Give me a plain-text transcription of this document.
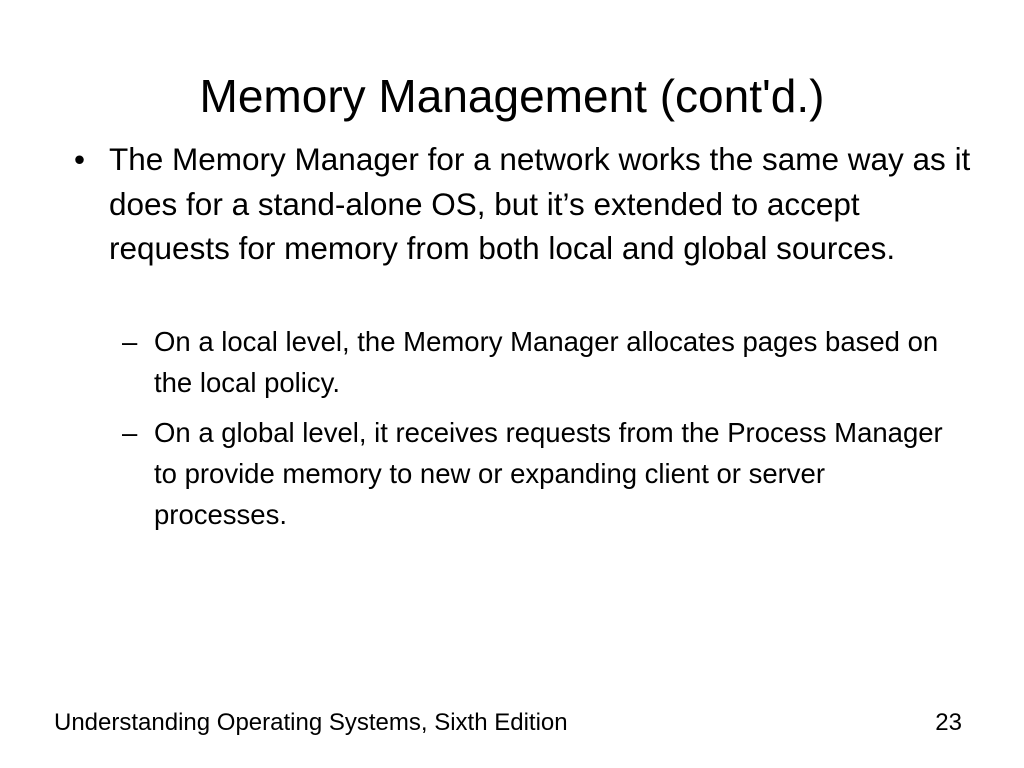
Memory Management (cont'd.)
• The Memory Manager for a network works the same way as it does for a stand-alone OS, but it’s extended to accept requests for memory from both local and global sources.
– On a local level, the Memory Manager allocates pages based on the local policy.
– On a global level, it receives requests from the Process Manager to provide memory to new or expanding client or server processes.
Understanding Operating Systems, Sixth Edition	23
